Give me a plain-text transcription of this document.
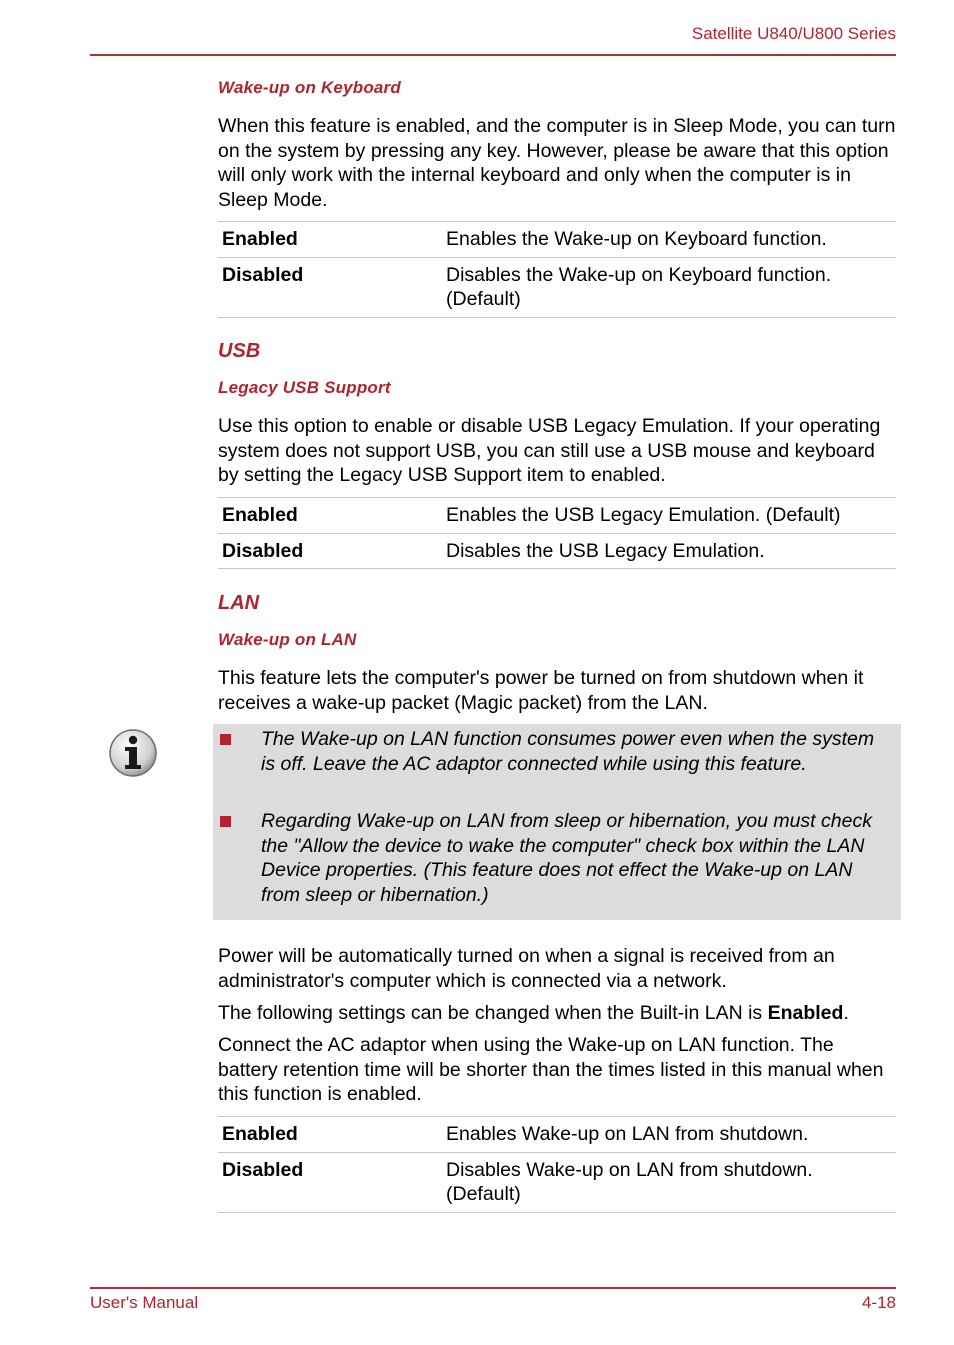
Satellite U840/U800 Series
Wake-up on Keyboard
When this feature is enabled, and the computer is in Sleep Mode, you can turn on the system by pressing any key. However, please be aware that this option will only work with the internal keyboard and only when the computer is in Sleep Mode.
Enabled	Enables the Wake-up on Keyboard function.
Disabled	Disables the Wake-up on Keyboard function. (Default)
USB
Legacy USB Support
Use this option to enable or disable USB Legacy Emulation. If your operating system does not support USB, you can still use a USB mouse and keyboard by setting the Legacy USB Support item to enabled.
Enabled	Enables the USB Legacy Emulation. (Default)
Disabled	Disables the USB Legacy Emulation.
LAN
Wake-up on LAN
This feature lets the computer's power be turned on from shutdown when it receives a wake-up packet (Magic packet) from the LAN.
The Wake-up on LAN function consumes power even when the system is off. Leave the AC adaptor connected while using this feature.
Regarding Wake-up on LAN from sleep or hibernation, you must check the "Allow the device to wake the computer" check box within the LAN Device properties. (This feature does not effect the Wake-up on LAN from sleep or hibernation.)
Power will be automatically turned on when a signal is received from an administrator's computer which is connected via a network.
The following settings can be changed when the Built-in LAN is Enabled.
Connect the AC adaptor when using the Wake-up on LAN function. The battery retention time will be shorter than the times listed in this manual when this function is enabled.
Enabled	Enables Wake-up on LAN from shutdown.
Disabled	Disables Wake-up on LAN from shutdown. (Default)
User's Manual	4-18
